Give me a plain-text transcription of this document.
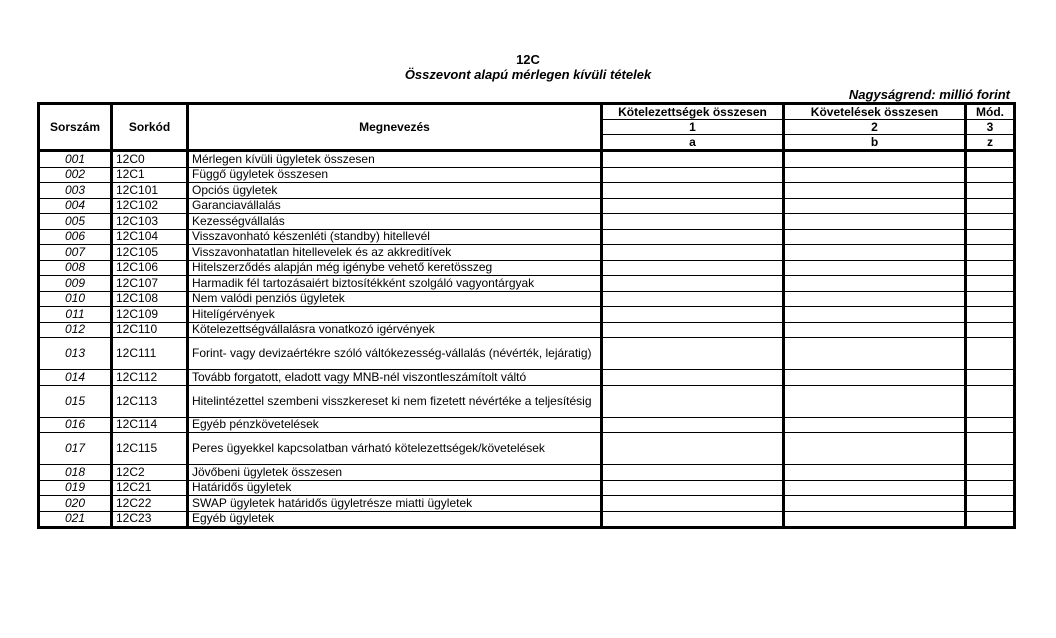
12C
Összevont alapú mérlegen kívüli tételek
Nagyságrend: millió forint
Sorszám	Sorkód	Megnevezés	Kötelezettségek összesen	Követelések összesen	Mód.
			1	2	3
			a	b	z
001	12C0	Mérlegen kívüli ügyletek összesen			
002	12C1	Függő ügyletek összesen			
003	12C101	Opciós ügyletek			
004	12C102	Garanciavállalás			
005	12C103	Kezességvállalás			
006	12C104	Visszavonható készenléti (standby) hitellevél			
007	12C105	Visszavonhatatlan hitellevelek és az akkreditívek			
008	12C106	Hitelszerződés alapján még igénybe vehető keretösszeg			
009	12C107	Harmadik fél tartozásaiért biztosítékként szolgáló vagyontárgyak			
010	12C108	Nem valódi penziós ügyletek			
011	12C109	Hitelígérvények			
012	12C110	Kötelezettségvállalásra vonatkozó igérvények			
013	12C111	Forint- vagy devizaértékre szóló váltókezesség-vállalás (névérték, lejáratig)			
014	12C112	Tovább forgatott, eladott vagy MNB-nél viszontleszámítolt váltó			
015	12C113	Hitelintézettel szembeni visszkereset ki nem fizetett névértéke a teljesítésig			
016	12C114	Egyéb pénzkövetelések			
017	12C115	Peres ügyekkel kapcsolatban várható kötelezettségek/követelések			
018	12C2	Jövőbeni ügyletek összesen			
019	12C21	Határidős ügyletek			
020	12C22	SWAP ügyletek határidős ügyletrésze miatti ügyletek			
021	12C23	Egyéb ügyletek			
